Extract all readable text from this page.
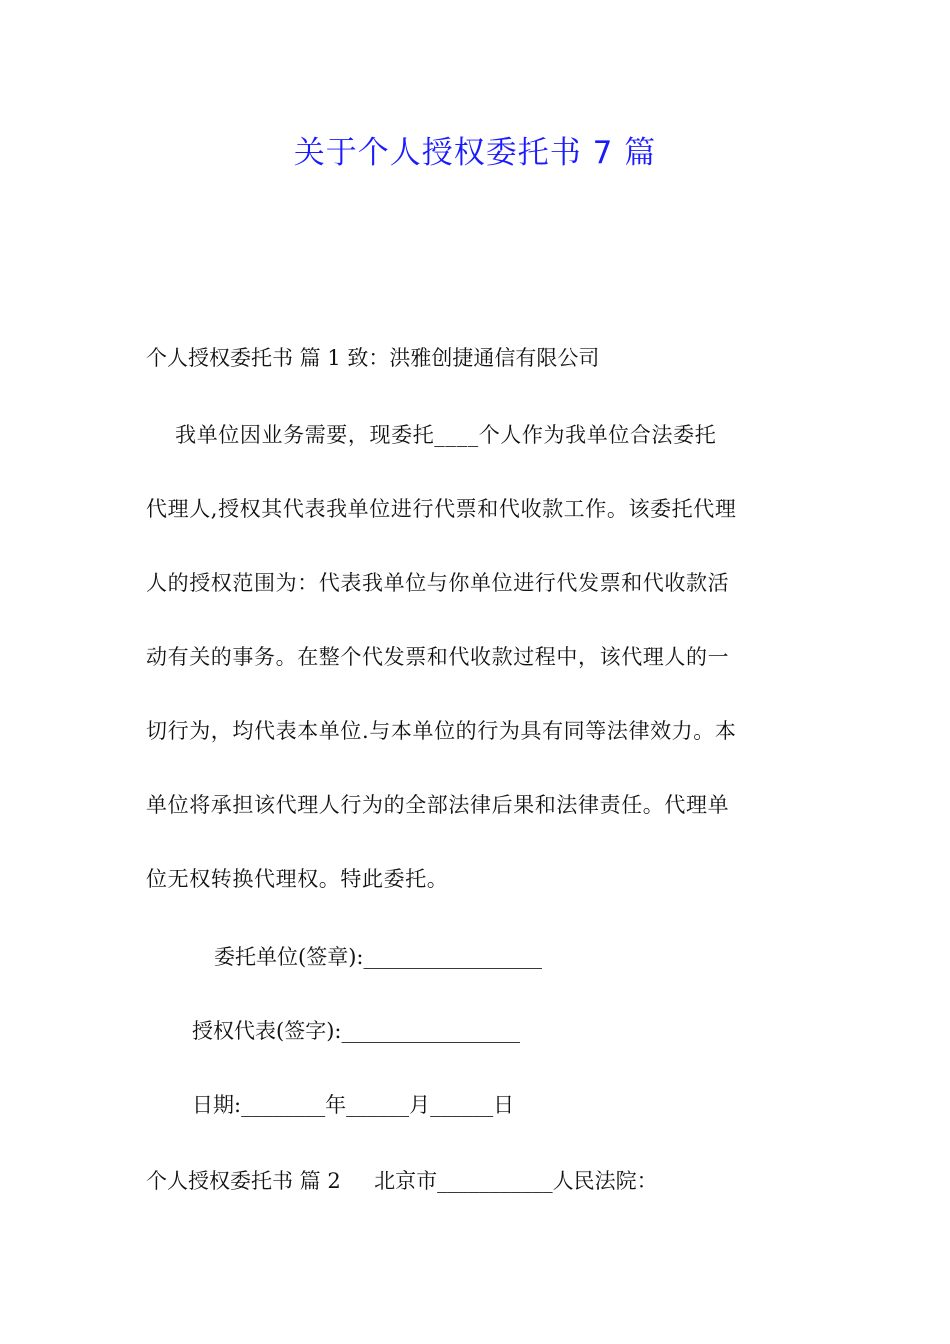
关于个人授权委托书 7 篇
个人授权委托书 篇 1 致：洪雅创捷通信有限公司
我单位因业务需要，现委托____个人作为我单位合法委托
代理人,授权其代表我单位进行代票和代收款工作。该委托代理
人的授权范围为：代表我单位与你单位进行代发票和代收款活
动有关的事务。在整个代发票和代收款过程中，该代理人的一
切行为，均代表本单位.与本单位的行为具有同等法律效力。本
单位将承担该代理人行为的全部法律后果和法律责任。代理单
位无权转换代理权。特此委托。
委托单位(签章):_________________
授权代表(签字):_________________
日期:________年______月______日
个人授权委托书 篇 2     北京市___________人民法院：
